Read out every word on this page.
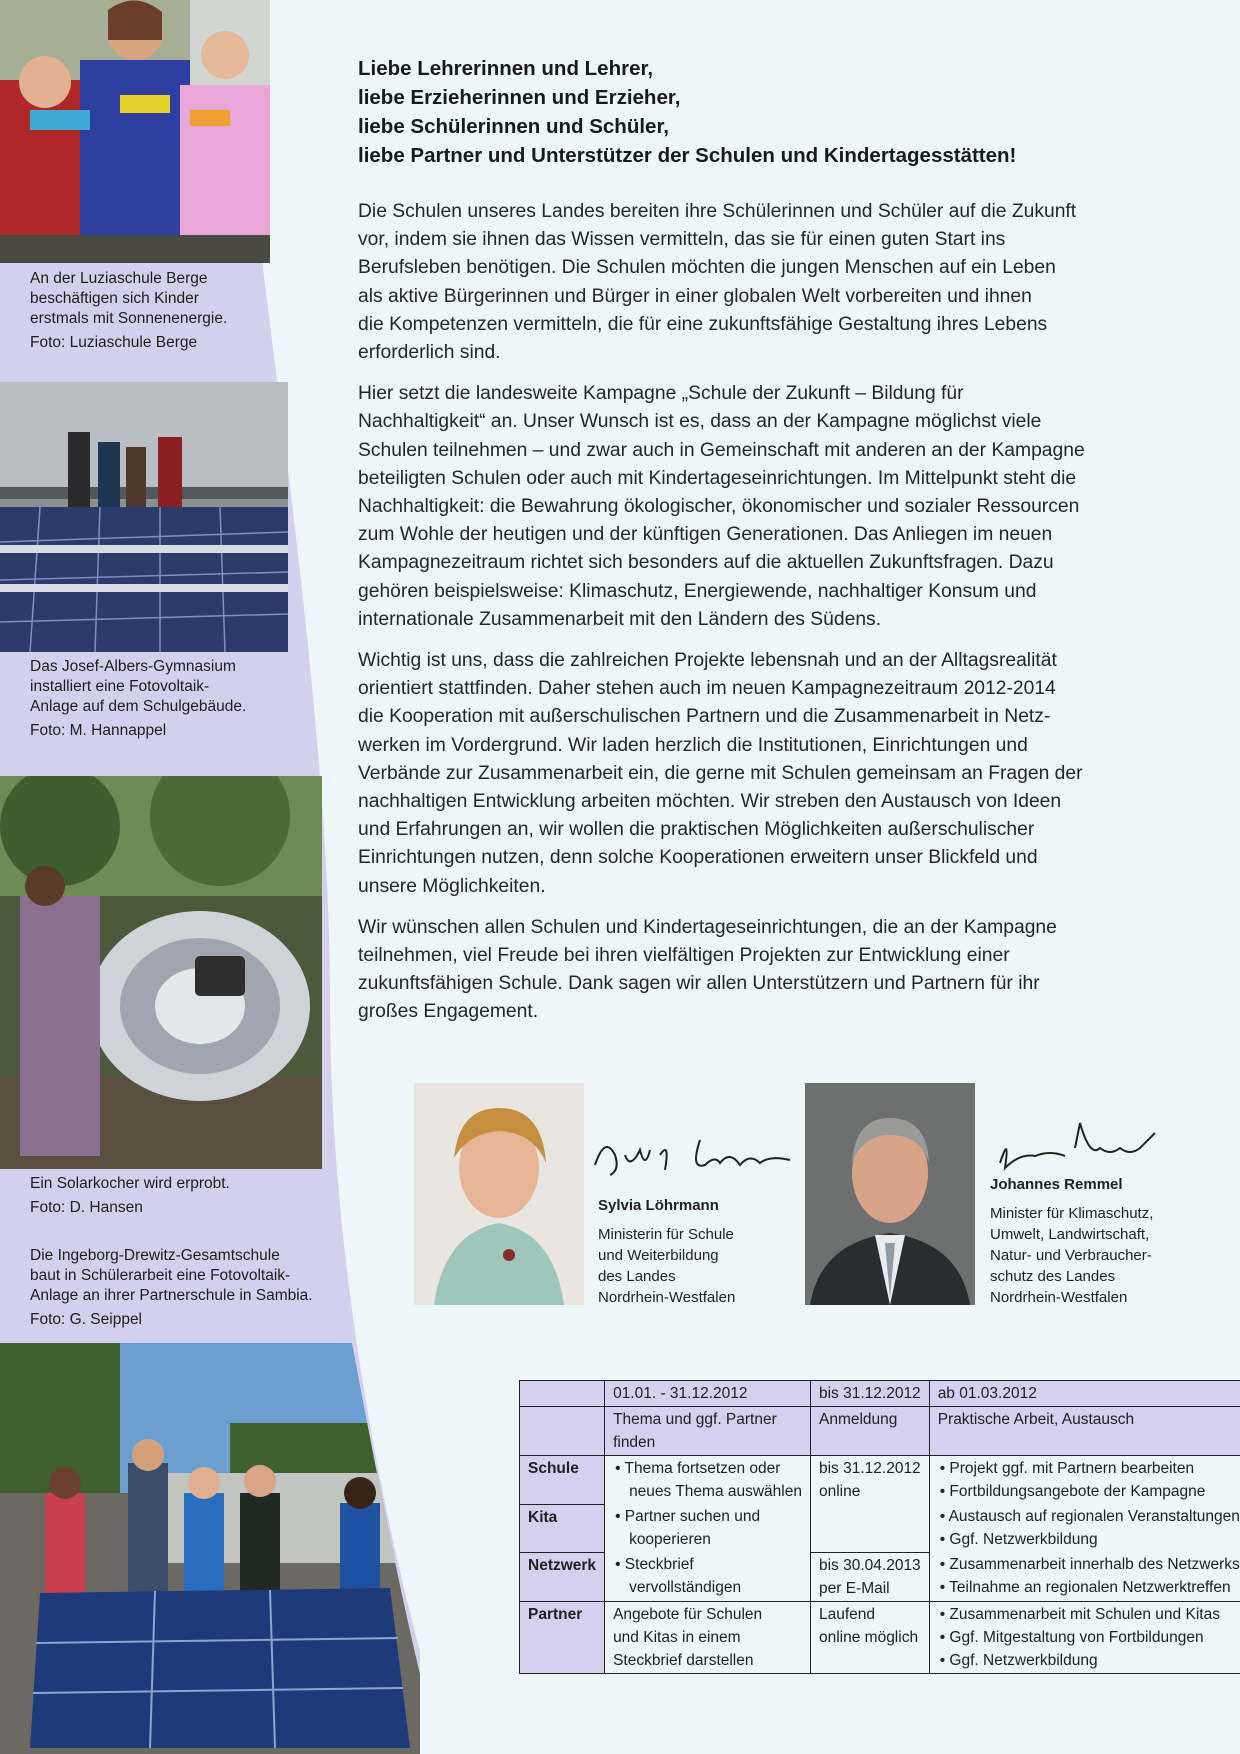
An der Luziaschule Berge
beschäftigen sich Kinder
erstmals mit Sonnenenergie.
Foto: Luziaschule Berge
Das Josef-Albers-Gymnasium
installiert eine Fotovoltaik-
Anlage auf dem Schulgebäude.
Foto: M. Hannappel
Ein Solarkocher wird erprobt.
Foto: D. Hansen
Die Ingeborg-Drewitz-Gesamtschule
baut in Schülerarbeit eine Fotovoltaik-
Anlage an ihrer Partnerschule in Sambia.
Foto: G. Seippel
Liebe Lehrerinnen und Lehrer,
liebe Erzieherinnen und Erzieher,
liebe Schülerinnen und Schüler,
liebe Partner und Unterstützer der Schulen und Kindertagesstätten!
Die Schulen unseres Landes bereiten ihre Schülerinnen und Schüler auf die Zukunft
vor, indem sie ihnen das Wissen vermitteln, das sie für einen guten Start ins
Berufsleben benötigen. Die Schulen möchten die jungen Menschen auf ein Leben
als aktive Bürgerinnen und Bürger in einer globalen Welt vorbereiten und ihnen
die Kompetenzen vermitteln, die für eine zukunftsfähige Gestaltung ihres Lebens
erforderlich sind.
Hier setzt die landesweite Kampagne „Schule der Zukunft – Bildung für
Nachhaltigkeit“ an. Unser Wunsch ist es, dass an der Kampagne möglichst viele
Schulen teilnehmen – und zwar auch in Gemeinschaft mit anderen an der Kampagne
beteiligten Schulen oder auch mit Kindertageseinrichtungen. Im Mittelpunkt steht die
Nachhaltigkeit: die Bewahrung ökologischer, ökonomischer und sozialer Ressourcen
zum Wohle der heutigen und der künftigen Generationen. Das Anliegen im neuen
Kampagnezeitraum richtet sich besonders auf die aktuellen Zukunftsfragen. Dazu
gehören beispielsweise: Klimaschutz, Energiewende, nachhaltiger Konsum und
internationale Zusammenarbeit mit den Ländern des Südens.
Wichtig ist uns, dass die zahlreichen Projekte lebensnah und an der Alltagsrealität
orientiert stattfinden. Daher stehen auch im neuen Kampagnezeitraum 2012-2014
die Kooperation mit außerschulischen Partnern und die Zusammenarbeit in Netz-
werken im Vordergrund. Wir laden herzlich die Institutionen, Einrichtungen und
Verbände zur Zusammenarbeit ein, die gerne mit Schulen gemeinsam an Fragen der
nachhaltigen Entwicklung arbeiten möchten. Wir streben den Austausch von Ideen
und Erfahrungen an, wir wollen die praktischen Möglichkeiten außerschulischer
Einrichtungen nutzen, denn solche Kooperationen erweitern unser Blickfeld und
unsere Möglichkeiten.
Wir wünschen allen Schulen und Kindertageseinrichtungen, die an der Kampagne
teilnehmen, viel Freude bei ihren vielfältigen Projekten zur Entwicklung einer
zukunftsfähigen Schule. Dank sagen wir allen Unterstützern und Partnern für ihr
großes Engagement.
Sylvia Löhrmann
Ministerin für Schule
und Weiterbildung
des Landes
Nordrhein-Westfalen
Johannes Remmel
Minister für Klimaschutz,
Umwelt, Landwirtschaft,
Natur- und Verbraucher-
schutz des Landes
Nordrhein-Westfalen
	01.01. - 31.12.2012	bis 31.12.2012	ab 01.03.2012

	Thema und ggf. Partner
finden	Anmeldung	Praktische Arbeit, Austausch

Schule	• Thema fortsetzen oder
neues Thema auswählen	bis 31.12.2012
online	• Projekt ggf. mit Partnern bearbeiten
• Fortbildungsangebote der Kampagne

Kita	• Partner suchen und
kooperieren		• Austausch auf regionalen Veranstaltungen
• Ggf. Netzwerkbildung

Netzwerk	• Steckbrief
vervollständigen	bis 30.04.2013
per E-Mail	• Zusammenarbeit innerhalb des Netzwerks
• Teilnahme an regionalen Netzwerktreffen

Partner	Angebote für Schulen
und Kitas in einem
Steckbrief darstellen	Laufend
online möglich	• Zusammenarbeit mit Schulen und Kitas
• Ggf. Mitgestaltung von Fortbildungen
• Ggf. Netzwerkbildung
